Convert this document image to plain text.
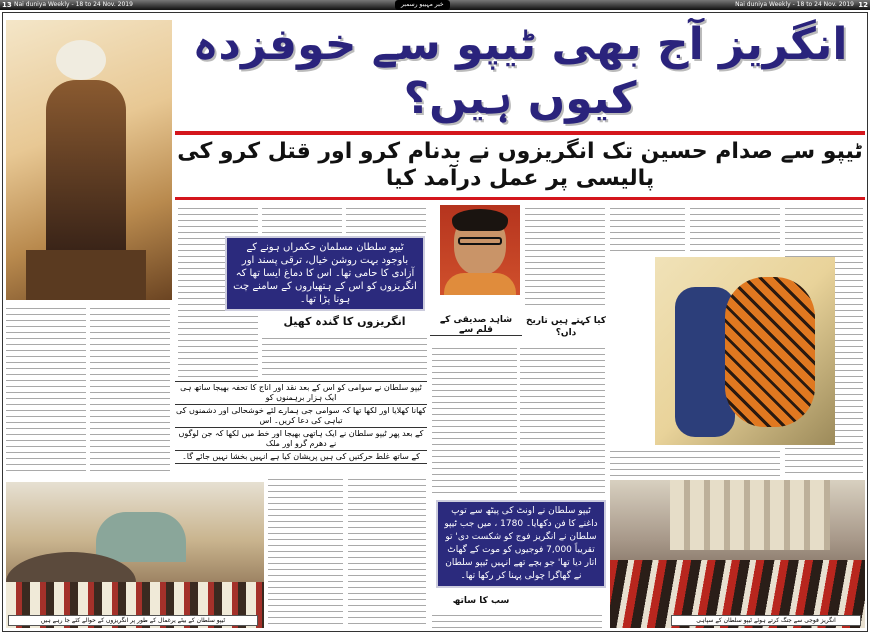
13 Nai duniya Weekly - 18 to 24 Nov. 2019	خبر مہیبو رسمبر	Nai duniya Weekly - 18 to 24 Nov. 2019 12
انگریز آج بھی ٹیپو سے خوفزدہ کیوں ہیں؟
ٹیپو سے صدام حسین تک انگریزوں نے بدنام کرو اور قتل کرو کی پالیسی پر عمل درآمد کیا
ٹیپو سلطان مسلمان حکمراں ہونے کے باوجود بہت روشن خیال، ترقی پسند اور آزادی کا حامی تھا۔ اس کا دماغ ایسا تھا کہ انگریزوں کو اس کے ہتھیاروں کے سامنے چت ہونا پڑا تھا۔
انگریزوں کا گندہ کھیل
ٹیپو سلطان نے سوامی کو اس کے بعد نقد اور اناج کا تحفہ بھیجا ساتھ ہی ایک ہزار برہمنوں کو
کھانا کھلایا اور لکھا تھا کہ سوامی جی ہمارے لئے خوشحالی اور دشمنوں کی تباہی کی دعا کریں۔ اس
کے بعد پھر ٹیپو سلطان نے ایک ہاتھی بھیجا اور خط میں لکھا کہ جن لوگوں نے دھرم گرو اور ملک
کے ساتھ غلط حرکتیں کی ہیں پریشان کیا ہے انہیں بخشا نہیں جائے گا۔
شاہد صدیقی کے قلم سے
کیا کہتے ہیں تاریخ داں؟
ٹیپو سلطان نے اونٹ کی پیٹھ سے توپ داغنے کا فن دکھایا۔ 1780 ، میں جب ٹیپو سلطان نے انگریز فوج کو شکست دی' تو تقریباً 7,000 فوجیوں کو موت کے گھاٹ اتار دیا تھا' جو بچے تھے انہیں ٹیپو سلطان نے گھاگرا چولی پہنا کر رکھا تھا۔
سب کا ساتھ
ٹیپو سلطان کے بیٹے یرغمال کے طور پر انگریزوں کے حوالے کئے جا رہے ہیں	انگریز فوجی سے جنگ کرتے ہوئے ٹیپو سلطان کے سپاہی
